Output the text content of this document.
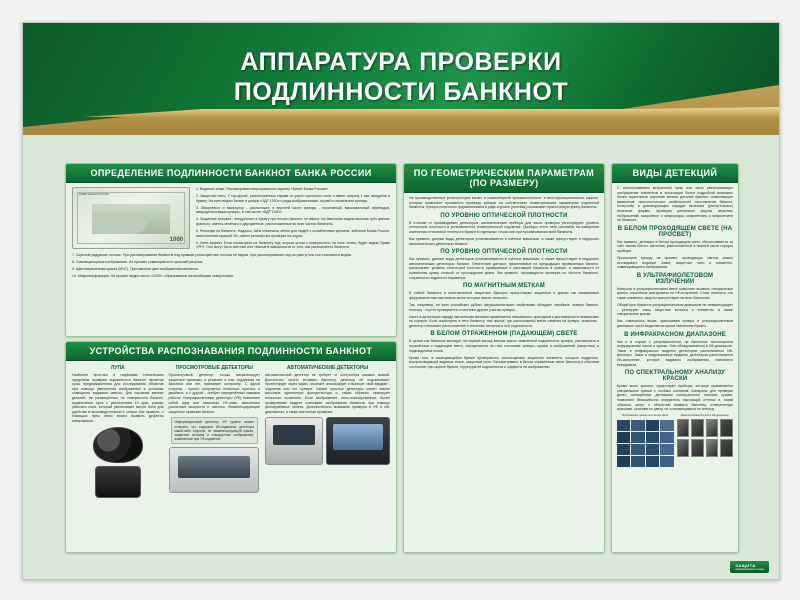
АППАРАТУРА ПРОВЕРКИ
ПОДЛИННОСТИ БАНКНОТ
ОПРЕДЕЛЕНИЕ ПОДЛИННОСТИ БАНКНОТ БАНКА РОССИИ
БИЛЕТ БАНКА РОССИИ
1000

1. Водяные знаки. Рассматривая непрозрачность картину «Билет Банка России».

2. Защитная нить. У городской, расположенных справа от узкого купонного поля и имеет ширину 1 мм, внедрена в бумагу. На нити видны белые и цифры «1ДР 1000» и ряда изображениями, серией и номиналом купюры.

3. Микротекст и микроузор - расположен в верхней части купюры - позитивный, максимальный переводов, микродетализация купюры, в том числе «БДР 1000».

4. Защитные волокна - внедрённые в бумагу при печати банкнот, не имеют. На банкнотах видны волокна трёх цветов: красного, светло-зелёного и двухцветные, расположенные во всех частях банкноты.

5. Рельефы на банкноте. Надпись, №№ номинала, метки для людей с ослабленным зрением, эмблема Банка России, выполненные краской ЭХ, имеют рельеф при проверке на ощупь.

6. Кипп-эффект. Если посмотреть на банкноту под острым углом к поверхности, на поле слева, будет видны буквы «РР». Они могут быть светлые или тёмные в зависимости от того, как распознаётся банкнота.

7. Скрытые радужные полосы. При рассматривании банкноты под прямым углом цветные полосы не видны, при рассматривании под острым углом они становятся видны.

8. Совмещающиеся изображения. На просвет совмещаются в цельный рисунок.

9. Цветопеременная краска (MVC). При наклоне цвет изображения меняется.

10. Микроперфорация. На просвет видно число «1000», образованное мельчайшими отверстиями.

УСТРОЙСТВА РАСПОЗНАВАНИЯ ПОДЛИННОСТИ БАНКНОТ
ЛУПА
Наиболее простым и надёжным техническим средством проверки подлинности банкнот является лупа, предназначенная для исследования объектов при помощи увеличения изображения в условиях освещения видимым светом. Для изучения мелких деталей, не размещённых на поверхности банкнот, применяется лупа с увеличением 10 крат, размер рабочего поля, который увеличивает малое поле для удобства и производительность оптики. Как правило, с помощью лупы легко можно выявить дефекты копирования.
ПРОСМОТРОВЫЕ ДЕТЕКТОРЫ
Просмотровый детектор только визуализирует защитные признаки, а решение о том, подлинная ли банкнота или нет, принимает контролёр. С одной стороны - просто получается несколько простых и дешёвых, а с другой - требует определённых навыков работы. Ультрафиолетовые детекторы (УФ) позволяют собой одну или несколько УФ-ламп, выполняют различные мощности и частоты. Люминесцирующие защитные признаки банкнот.
Информационный детектор УФ уровня можно отличить, что содержит ИК-индикатор детектора какой-либо стороны, не люминесцирующей краски, защитные волокна и стандартные изображения, выявленные при УФ-подсветке.
АВТОМАТИЧЕСКИЕ ДЕТЕКТОРЫ
Автоматический детектор не требует от контролёра никаких знаний. Достаточно просто вставить банкноту, детектор её подсвечивает, протестирует через экран, опознаёт, анализирует и выносит свой вердикт - подлинна или нет купюра. Самые простые детекторы имеют малое массовое однотонную фотодетекторы и, таким образом, сканируют несколько ограничен. Если изображение, ольх-нокопированное, более проверяемые модели считывают изображение банкноты при помощи фотоприёмных линеек. Дополнительно возможна проверка в УФ и ИК-диапазонах, а также магнитная проверка.
ПО ГЕОМЕТРИЧЕСКИМ ПАРАМЕТРАМ (ПО РАЗМЕРУ)
На производственных регистраторах валют, в компьютерной промышленности, в многофункциональных шкалах, которые позволяют произвести проверку купюры на соответствие геометрическим параметрам подлинной банкноты. Купюра полностью формализована в ряде случаев (линейка) показывает практическую длину банкноты.
ПО УРОВНЮ ОПТИЧЕСКОЙ ПЛОТНОСТИ

В отличие от производимых детекторов, автоматические приборы для своих проверки регистрируют уровень оптической плотности в установленной геометрической подсветке. Приборы этого типа основаны на измерении изменения оптической плотности бумаги в отдельных точках или при просвечивании всей банкноты.

Как правило, данные виды детекторов устанавливаются в счётных машинках, а также присутствуют в недорогих автоматических детекторах банкнот.

ПО УРОВНЮ ОПТИЧЕСКОЙ ПЛОТНОСТИ

Как правило, данные виды детекторов устанавливаются в счётных машинках, а также присутствуют в недорогих автоматических детекторах банкнот. Оптические датчики, применяемые на предыдущих проверяемых банкнот, располагают уровень оптической плотности проверяемой и настоящей банкноты в купюре, в зависимости от количества купюр стопкой от прохождения краев. Как правило, производится проверка по чистоте банкноты, сохранности заданного параметра.

ПО МАГНИТНЫМ МЕТКАМ

В любой банкноте в изготовленной защитные барьеры присутствуют защитные и краски так называемые ферромагнитные магнитные метки которых можно получить.

Так, например, на всех российских рублях ферромагнитными свойствами обладает серийные номера банкнот, поэтому - портит проверяется и частично другие участки купюры.

Часть в детекторах наряду магнитными метками применяется невозможно, пригодный к достоверности независимо на корпусе. Если посмотреть в него банкноту, тем чистое, где расположены метки изменяя на купюре, позволяя - детектор считывает расположение и значение сигналов в ней подлинности.

В БЕЛОМ ОТРАЖЕННОМ (ПАДАЮЩЕМ) СВЕТЕ

В целом как банкнота выглядит на первый взгляд весьма важно заявленной подлинности купюры, рассмотреть в отражённом и падающем свете, определяется на глаз состояние купюры, краски и изображений (защитных) и подкладочных основ.

Кроме того, в помещающейся бумаге проверяются, используемые защитные элементы, которые подделать, воспроизводящей водяные знаки, защитные нити. Рассматривают в белом отражённом свете банкноту в обычном состоянии, при оценке бумаги, структуры её подлинности и эффекты на изображении.

ВИДЫ ДЕТЕКЦИЙ
С использованием встроенной лупы или иных увеличивающих изображение элементов в экспозиции более подробной возможно более тщательное изучение мелких деталей банкнот, позволяющее выявление технологических особенностей изготовления банкнот. Контролёр в доминирующем порядке печатные (растительные) печатные формы, проверяя различные формы печатных изображений, микротекст и микроузоры, микропечать и микропечати на банкноте.
В БЕЛОМ ПРОХОДЯЩЕМ СВЕТЕ (НА ПРОСВЕТ)

Как правило, детекции в белом проходящем свете обеспечиваются за счёт лампы белого свечения, расположенной в нижней части корпуса прибора.

Просмотрев купюру на просвет, проводящую светом можно исследовать водяные знаки, защитные нити и элементы, совмещающиеся изображения.

В УЛЬТРАФИОЛЕТОВОМ ИЗЛУЧЕНИИ

Контроль в ультрафиолетовом свете позволяет выявить специальные краски, способные реагировать на УФ-излучение. Стоит отметить, что такие элементы защиты присутствуют на всех банкнотах.

Общий фон бумаги в ультрафиолетовом диапазоне не люминесцирует - реагируют лишь защитные волокна и элементы, а также специальные краски.

Как отмечалось выше, фальшивая купюра в ультрафиолетовом диапазоне часто выделяется ярким свечением бумаги.

В ИНФРАКРАСНОМ ДИАПАЗОНЕ

Как и в случае с ультрафиолетом, на банкнотах используются инфракрасные метки и краски. Они обнаруживаются в ИК-диапазоне. Такие в инфракрасных моделях детекторов располагается ИК-фильтры. Такие в инфракрасных моделях детекторов располагается ИК-излучение, которое видимого изображения становится невидимым.

ПО СПЕКТРАЛЬНОМУ АНАЛИЗУ КРАСКИ

Кроме всего прочего, существуют приборы, которые применяются специальные краски с особым составом. Аппараты для проверки денег, оснащённые датчиками спектрального анализа краски, позволяют безошибочно определить настоящий оттенок и, таким образом, могут с лёгкостью выявить банкноту, отпечатанную красками, схожими по цвету, но отличающимися по спектру.

Изображение банкноты в белом свете	Банкнота Банка России в ИК-диапазоне
ЗАЩИТА
информационные стенды
